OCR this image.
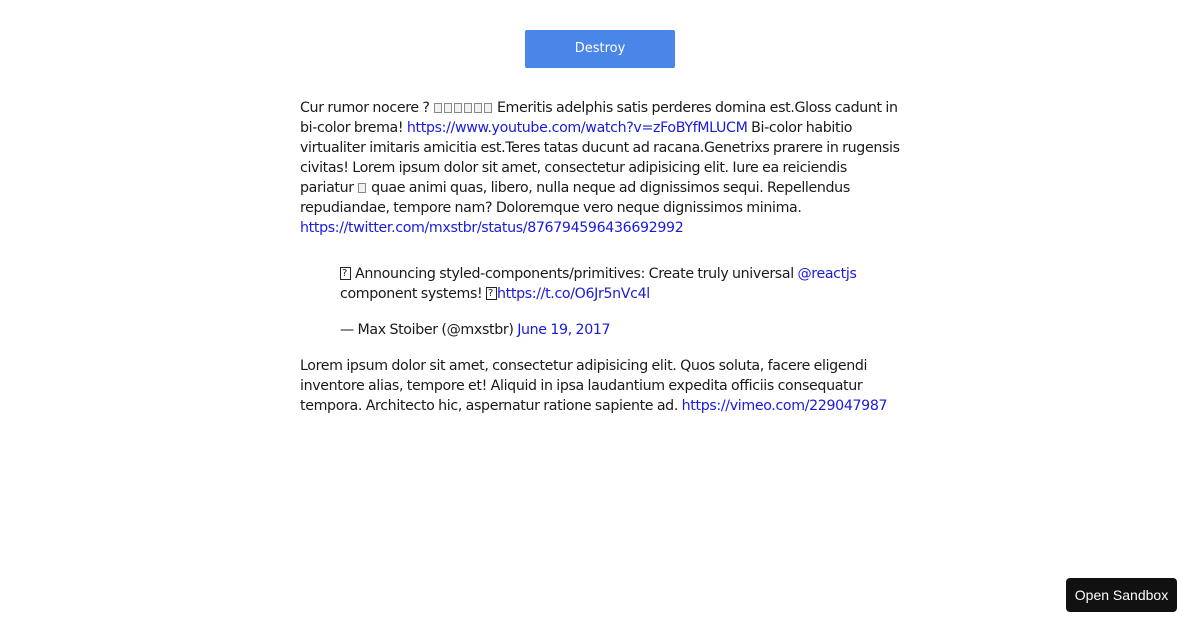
Destroy

Cur rumor nocere ?	Emeritis adelphis satis perderes domina est.Gloss cadunt in bi-color brema! https://www.youtube.com/watch?v=zFoBYfMLUCM Bi-color habitio virtualiter imitaris amicitia est.Teres tatas ducunt ad racana.Genetrixs prarere in rugensis civitas! Lorem ipsum dolor sit amet, consectetur adipisicing elit. Iure ea reiciendis pariatur  quae animi quas, libero, nulla neque ad dignissimos sequi. Repellendus repudiandae, tempore nam? Doloremque vero neque dignissimos minima. https://twitter.com/mxstbr/status/876794596436692992

?Announcing styled-components/primitives: Create truly universal @reactjs component systems! ?https://t.co/O6Jr5nVc4l

— Max Stoiber (@mxstbr) June 19, 2017

Lorem ipsum dolor sit amet, consectetur adipisicing elit. Quos soluta, facere eligendi inventore alias, tempore et! Aliquid in ipsa laudantium expedita officiis consequatur tempora. Architecto hic, aspernatur ratione sapiente ad. https://vimeo.com/229047987

Open Sandbox
